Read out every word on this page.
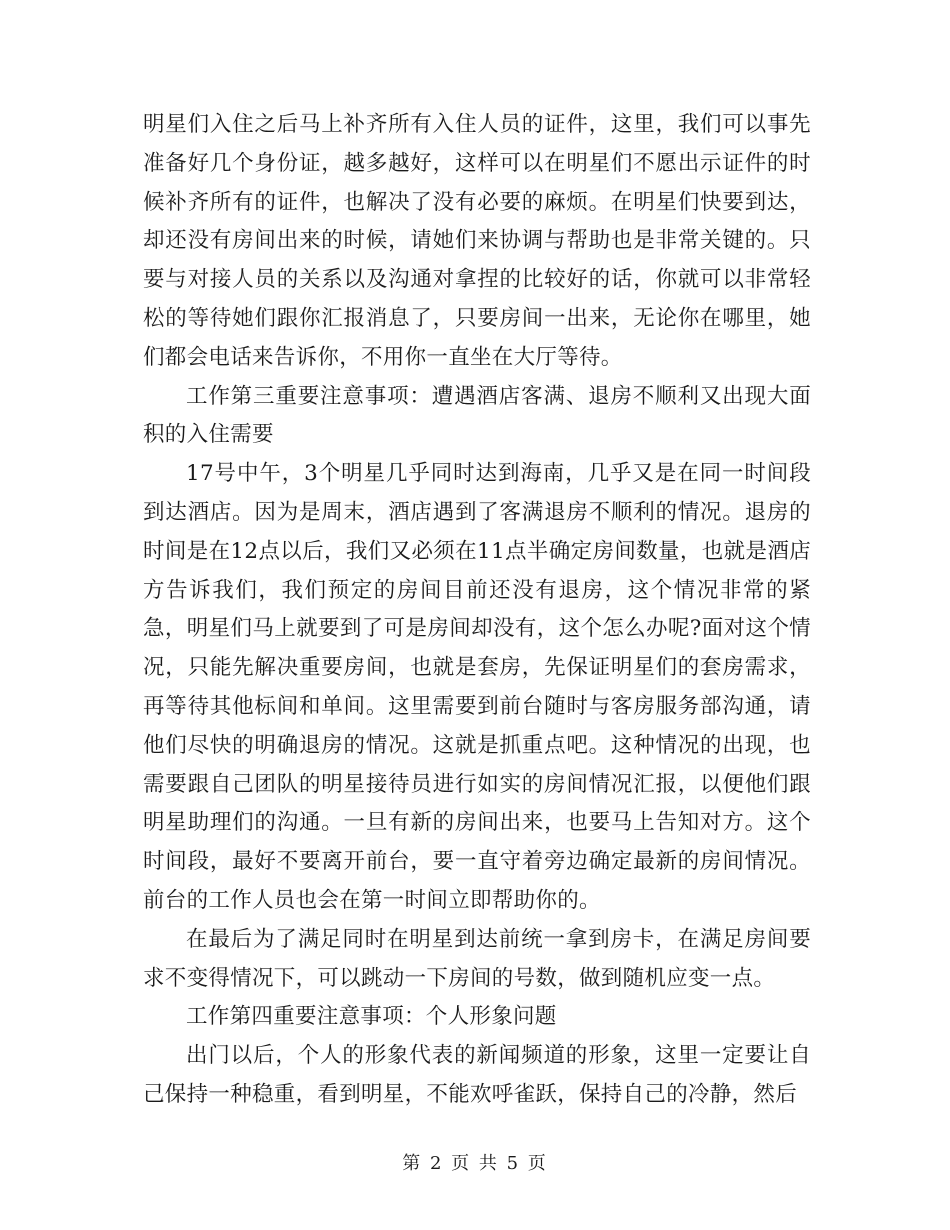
明星们入住之后马上补齐所有入住人员的证件，这里，我们可以事先准备好几个身份证，越多越好，这样可以在明星们不愿出示证件的时候补齐所有的证件，也解决了没有必要的麻烦。在明星们快要到达，却还没有房间出来的时候，请她们来协调与帮助也是非常关键的。只要与对接人员的关系以及沟通对拿捏的比较好的话，你就可以非常轻松的等待她们跟你汇报消息了，只要房间一出来，无论你在哪里，她们都会电话来告诉你，不用你一直坐在大厅等待。

工作第三重要注意事项：遭遇酒店客满、退房不顺利又出现大面积的入住需要

17号中午，3个明星几乎同时达到海南，几乎又是在同一时间段到达酒店。因为是周末，酒店遇到了客满退房不顺利的情况。退房的时间是在12点以后，我们又必须在11点半确定房间数量，也就是酒店方告诉我们，我们预定的房间目前还没有退房，这个情况非常的紧急，明星们马上就要到了可是房间却没有，这个怎么办呢?面对这个情况，只能先解决重要房间，也就是套房，先保证明星们的套房需求，再等待其他标间和单间。这里需要到前台随时与客房服务部沟通，请他们尽快的明确退房的情况。这就是抓重点吧。这种情况的出现，也需要跟自己团队的明星接待员进行如实的房间情况汇报，以便他们跟明星助理们的沟通。一旦有新的房间出来，也要马上告知对方。这个时间段，最好不要离开前台，要一直守着旁边确定最新的房间情况。前台的工作人员也会在第一时间立即帮助你的。

在最后为了满足同时在明星到达前统一拿到房卡，在满足房间要求不变得情况下，可以跳动一下房间的号数，做到随机应变一点。

工作第四重要注意事项：个人形象问题

出门以后，个人的形象代表的新闻频道的形象，这里一定要让自己保持一种稳重，看到明星，不能欢呼雀跃，保持自己的冷静，然后

第 2 页 共 5 页
